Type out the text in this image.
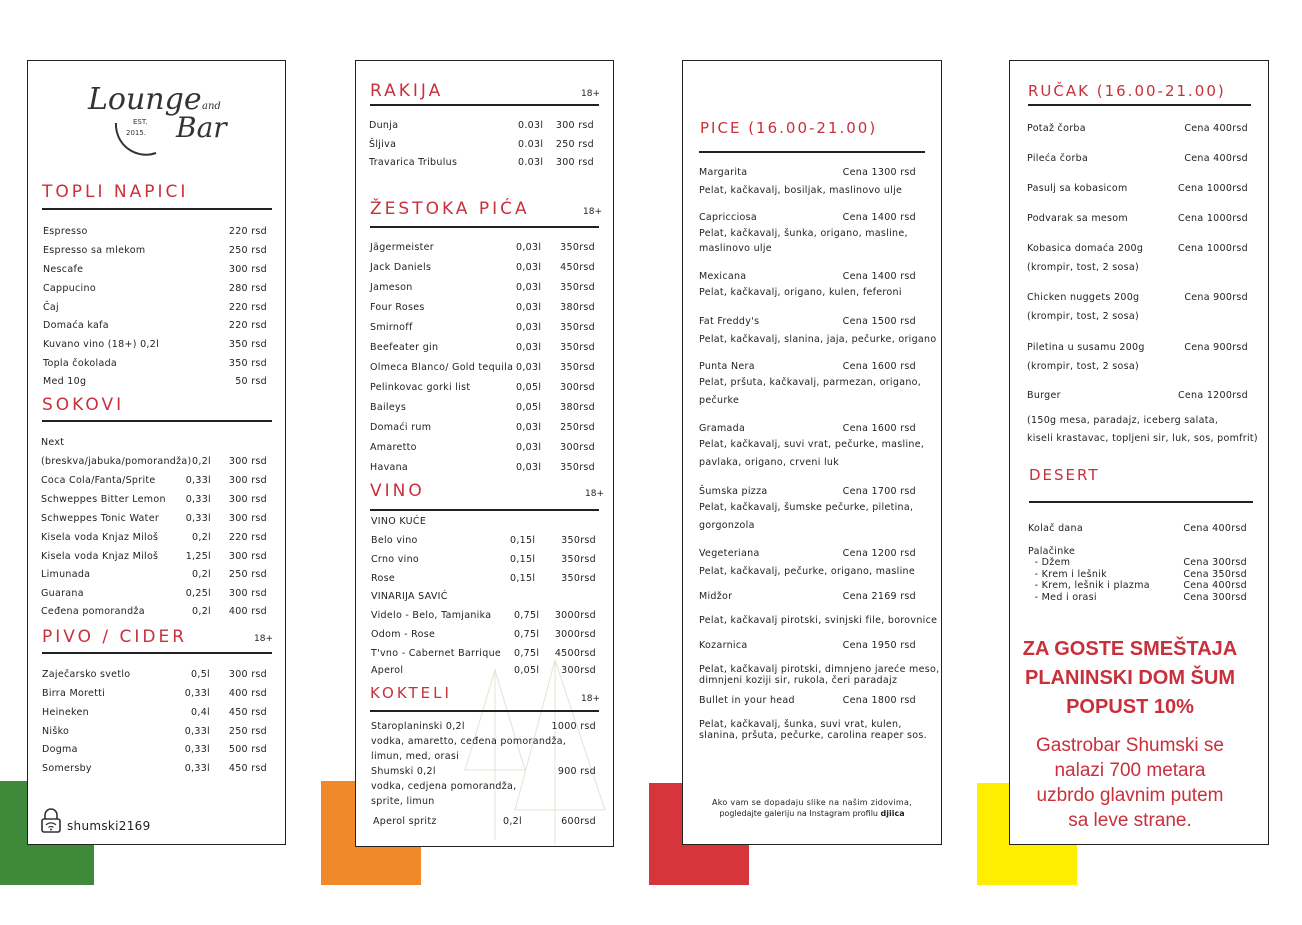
Lounge and
Bar
EST.
2015.
TOPLI NAPICI
Espresso	220 rsd
Espresso sa mlekom	250 rsd
Nescafe	300 rsd
Cappucino	280 rsd
Čaj	220 rsd
Domaća kafa	220 rsd
Kuvano vino (18+) 0,2l	350 rsd
Topla čokolada	350 rsd
Med 10g	50 rsd
SOKOVI
Next
(breskva/jabuka/pomorandža) 0,2l	300 rsd
Coca Cola/Fanta/Sprite	0,33l	300 rsd
Schweppes Bitter Lemon	0,33l	300 rsd
Schweppes Tonic Water	0,33l	300 rsd
Kisela voda Knjaz Miloš	0,2l	220 rsd
Kisela voda Knjaz Miloš	1,25l	300 rsd
Limunada	0,2l	250 rsd
Guarana	0,25l	300 rsd
Ceđena pomorandža	0,2l	400 rsd
PIVO / CIDER	18+
Zaječarsko svetlo	0,5l	300 rsd
Birra Moretti	0,33l	400 rsd
Heineken	0,4l	450 rsd
Niško	0,33l	250 rsd
Dogma	0,33l	500 rsd
Somersby	0,33l	450 rsd
shumski2169
RAKIJA	18+
Dunja	0.03l	300 rsd
Šljiva	0.03l	250 rsd
Travarica Tribulus	0.03l	300 rsd
ŽESTOKA PIĆA	18+
Jägermeister	0,03l	350rsd
Jack Daniels	0,03l	450rsd
Jameson	0,03l	350rsd
Four Roses	0,03l	380rsd
Smirnoff	0,03l	350rsd
Beefeater gin	0,03l	350rsd
Olmeca Blanco/ Gold tequila 0,03l	350rsd
Pelinkovac gorki list	0,05l	300rsd
Baileys	0,05l	380rsd
Domaći rum	0,03l	250rsd
Amaretto	0,03l	300rsd
Havana	0,03l	350rsd
VINO	18+
VINO KUĆE
Belo vino	0,15l	350rsd
Crno vino	0,15l	350rsd
Rose	0,15l	350rsd
VINARIJA SAVIĆ
Videlo - Belo, Tamjanika 0,75l	3000rsd
Odom - Rose	0,75l	3000rsd
T'vno - Cabernet Barrique 0,75l	4500rsd
Aperol	0,05l	300rsd
KOKTELI	18+
Staroplaninski 0,2l	1000 rsd
vodka, amaretto, ceđena pomorandža,
limun, med, orasi
Shumski 0,2l	900 rsd
vodka, cedjena pomorandža,
sprite, limun
Aperol spritz	0,2l	600rsd
PICE (16.00-21.00)
Margarita	Cena 1300 rsd
Pelat, kačkavalj, bosiljak, maslinovo ulje
Capricciosa	Cena 1400 rsd
Pelat, kačkavalj, šunka, origano, masline,
maslinovo ulje
Mexicana	Cena 1400 rsd
Pelat, kačkavalj, origano, kulen, feferoni
Fat Freddy's	Cena 1500 rsd
Pelat, kačkavalj, slanina, jaja, pečurke, origano
Punta Nera	Cena 1600 rsd
Pelat, pršuta, kačkavalj, parmezan, origano,
pečurke
Gramada	Cena 1600 rsd
Pelat, kačkavalj, suvi vrat, pečurke, masline,
pavlaka, origano, crveni luk
Šumska pizza	Cena 1700 rsd
Pelat, kačkavalj, šumske pečurke, piletina,
gorgonzola
Vegeteriana	Cena 1200 rsd
Pelat, kačkavalj, pečurke, origano, masline
Midžor	Cena 2169 rsd
Pelat, kačkavalj pirotski, svinjski file, borovnice
Kozarnica	Cena 1950 rsd
Pelat, kačkavalj pirotski, dimnjeno jareće meso,
dimnjeni koziji sir, rukola, čeri paradajz
Bullet in your head	Cena 1800 rsd
Pelat, kačkavalj, šunka, suvi vrat, kulen,
slanina, pršuta, pečurke, carolina reaper sos.
Ako vam se dopadaju slike na našim zidovima,
pogledajte galeriju na Instagram profilu djiica
RUČAK (16.00-21.00)
Potaž čorba	Cena 400rsd
Pileća čorba	Cena 400rsd
Pasulj sa kobasicom	Cena 1000rsd
Podvarak sa mesom	Cena 1000rsd
Kobasica domaća 200g	Cena 1000rsd
(krompir, tost, 2 sosa)
Chicken nuggets 200g	Cena 900rsd
(krompir, tost, 2 sosa)
Piletina u susamu 200g	Cena 900rsd
(krompir, tost, 2 sosa)
Burger	Cena 1200rsd
(150g mesa, paradajz, iceberg salata,
kiseli krastavac, topljeni sir, luk, sos, pomfrit)
DESERT
Kolač dana	Cena 400rsd
Palačinke
- Džem	Cena 300rsd
- Krem i lešnik	Cena 350rsd
- Krem, lešnik i plazma	Cena 400rsd
- Med i orasi	Cena 300rsd
ZA GOSTE SMEŠTAJA
PLANINSKI DOM ŠUM
POPUST 10%
Gastrobar Shumski se
nalazi 700 metara
uzbrdo glavnim putem
sa leve strane.
